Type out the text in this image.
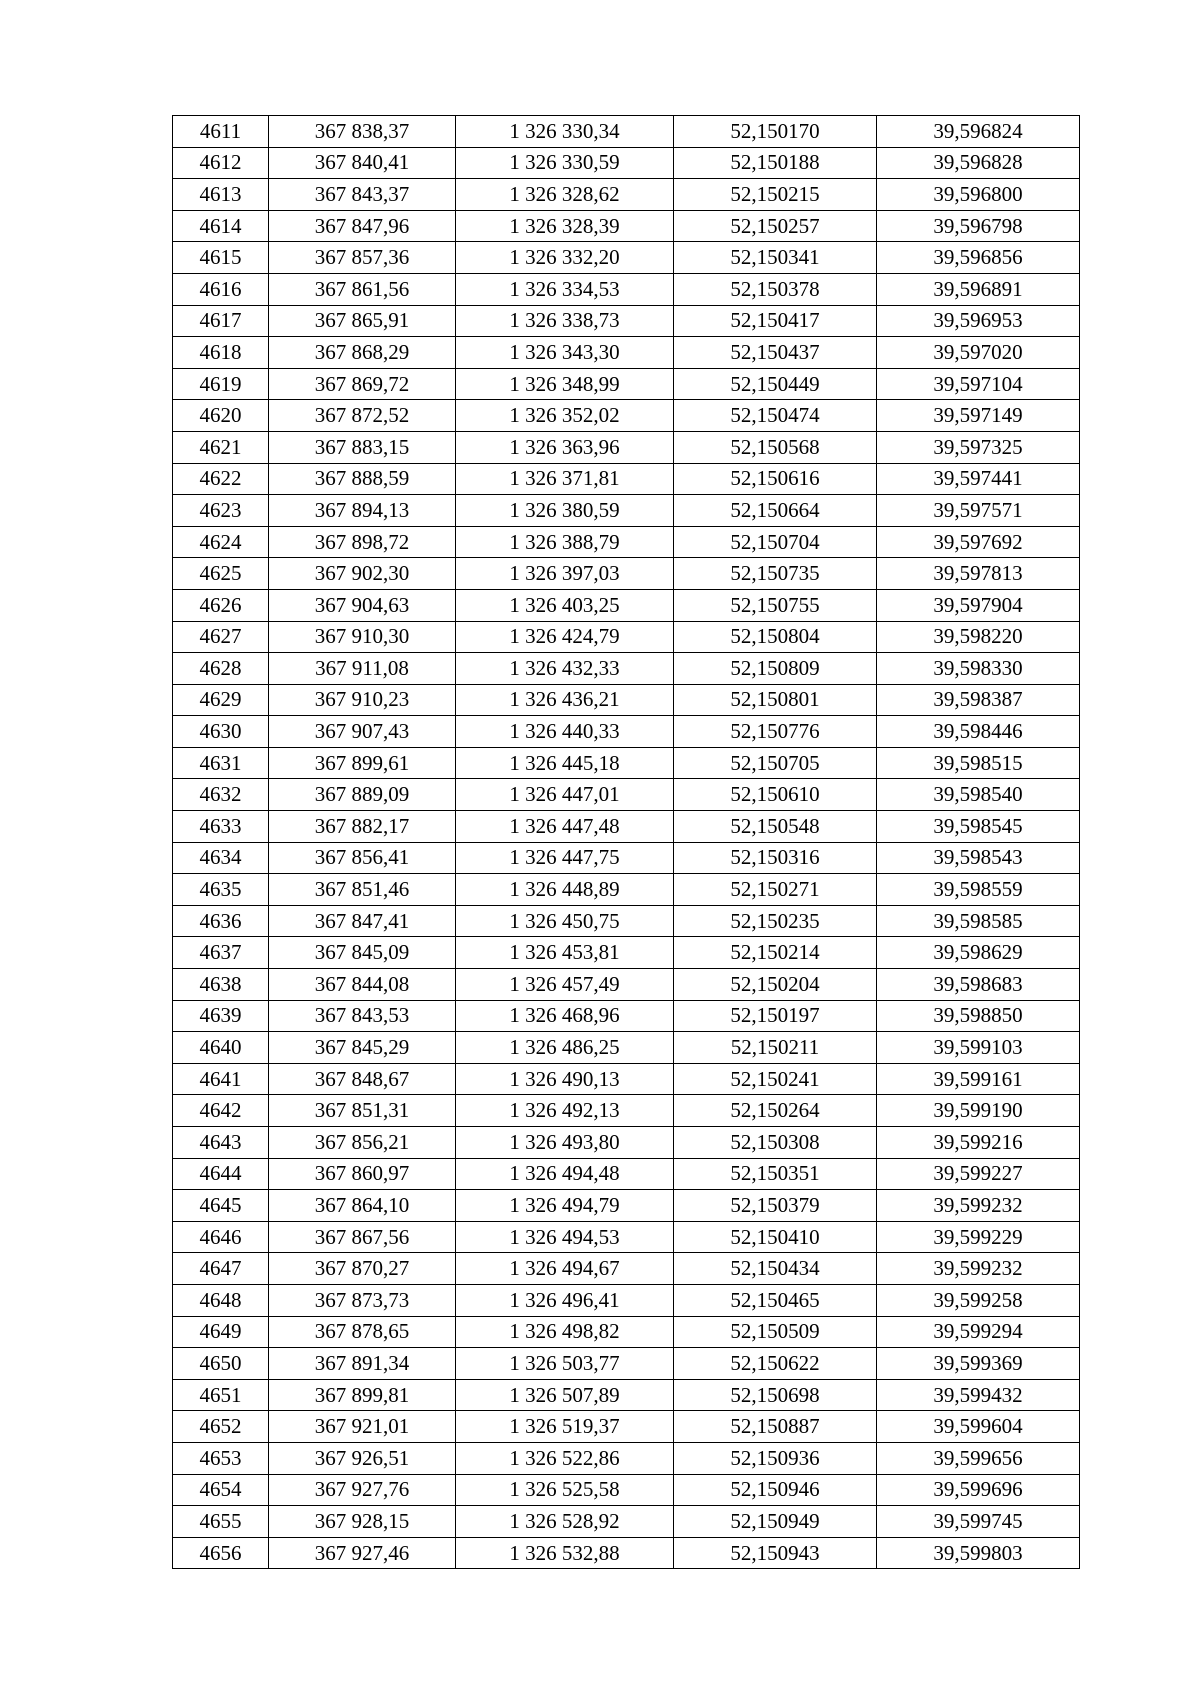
4611	367 838,37	1 326 330,34	52,150170	39,596824
4612	367 840,41	1 326 330,59	52,150188	39,596828
4613	367 843,37	1 326 328,62	52,150215	39,596800
4614	367 847,96	1 326 328,39	52,150257	39,596798
4615	367 857,36	1 326 332,20	52,150341	39,596856
4616	367 861,56	1 326 334,53	52,150378	39,596891
4617	367 865,91	1 326 338,73	52,150417	39,596953
4618	367 868,29	1 326 343,30	52,150437	39,597020
4619	367 869,72	1 326 348,99	52,150449	39,597104
4620	367 872,52	1 326 352,02	52,150474	39,597149
4621	367 883,15	1 326 363,96	52,150568	39,597325
4622	367 888,59	1 326 371,81	52,150616	39,597441
4623	367 894,13	1 326 380,59	52,150664	39,597571
4624	367 898,72	1 326 388,79	52,150704	39,597692
4625	367 902,30	1 326 397,03	52,150735	39,597813
4626	367 904,63	1 326 403,25	52,150755	39,597904
4627	367 910,30	1 326 424,79	52,150804	39,598220
4628	367 911,08	1 326 432,33	52,150809	39,598330
4629	367 910,23	1 326 436,21	52,150801	39,598387
4630	367 907,43	1 326 440,33	52,150776	39,598446
4631	367 899,61	1 326 445,18	52,150705	39,598515
4632	367 889,09	1 326 447,01	52,150610	39,598540
4633	367 882,17	1 326 447,48	52,150548	39,598545
4634	367 856,41	1 326 447,75	52,150316	39,598543
4635	367 851,46	1 326 448,89	52,150271	39,598559
4636	367 847,41	1 326 450,75	52,150235	39,598585
4637	367 845,09	1 326 453,81	52,150214	39,598629
4638	367 844,08	1 326 457,49	52,150204	39,598683
4639	367 843,53	1 326 468,96	52,150197	39,598850
4640	367 845,29	1 326 486,25	52,150211	39,599103
4641	367 848,67	1 326 490,13	52,150241	39,599161
4642	367 851,31	1 326 492,13	52,150264	39,599190
4643	367 856,21	1 326 493,80	52,150308	39,599216
4644	367 860,97	1 326 494,48	52,150351	39,599227
4645	367 864,10	1 326 494,79	52,150379	39,599232
4646	367 867,56	1 326 494,53	52,150410	39,599229
4647	367 870,27	1 326 494,67	52,150434	39,599232
4648	367 873,73	1 326 496,41	52,150465	39,599258
4649	367 878,65	1 326 498,82	52,150509	39,599294
4650	367 891,34	1 326 503,77	52,150622	39,599369
4651	367 899,81	1 326 507,89	52,150698	39,599432
4652	367 921,01	1 326 519,37	52,150887	39,599604
4653	367 926,51	1 326 522,86	52,150936	39,599656
4654	367 927,76	1 326 525,58	52,150946	39,599696
4655	367 928,15	1 326 528,92	52,150949	39,599745
4656	367 927,46	1 326 532,88	52,150943	39,599803
